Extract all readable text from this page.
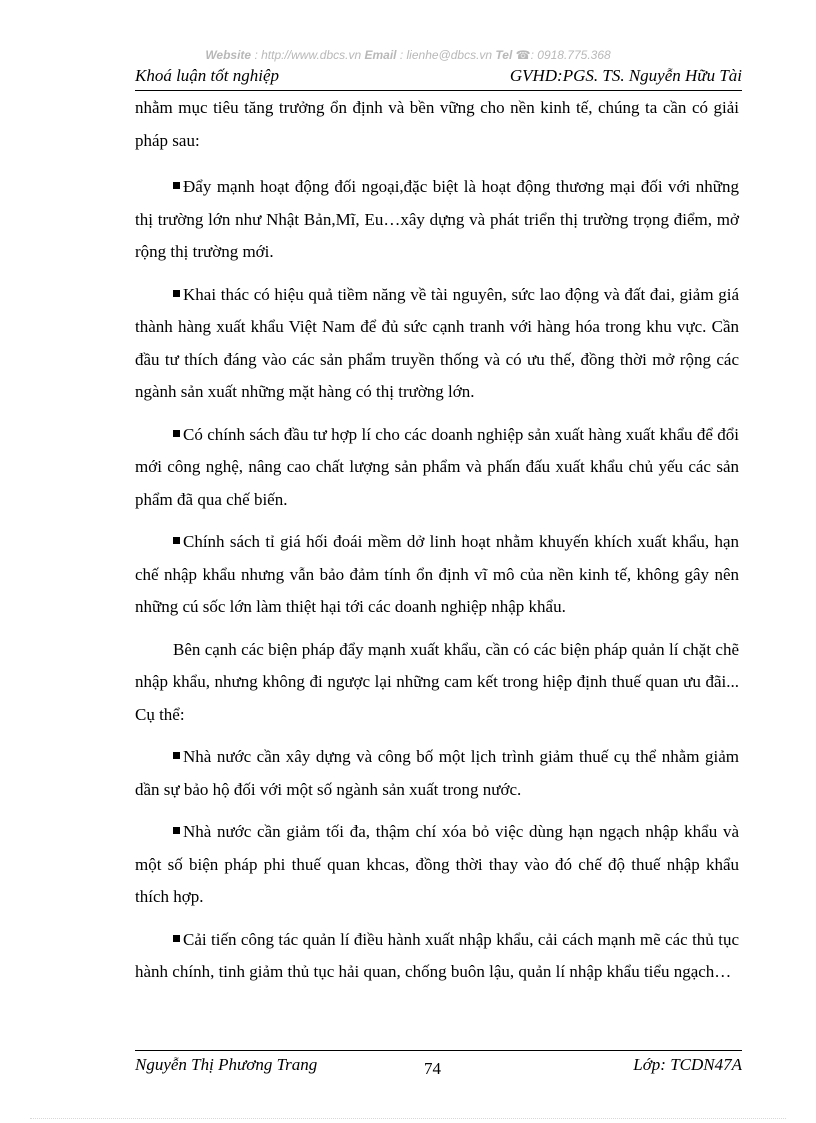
Website : http://www.dbcs.vn Email : lienhe@dbcs.vn Tel ☎: 0918.775.368
Khoá luận tốt nghiệp	GVHD:PGS. TS. Nguyễn Hữu Tài

nhằm mục tiêu tăng trưởng ổn định và bền vững cho nền kinh tế, chúng ta cần có giải pháp sau:

Đẩy mạnh hoạt động đối ngoại,đặc biệt là hoạt động thương mại đối với những thị trường lớn như Nhật Bản,Mĩ, Eu…xây dựng và phát triển thị trường trọng điểm, mở rộng thị trường mới.

Khai thác có hiệu quả tiềm năng về tài nguyên, sức lao động và đất đai, giảm giá thành hàng xuất khẩu Việt Nam để đủ sức cạnh tranh với hàng hóa trong khu vực. Cần đầu tư thích đáng vào các sản phẩm truyền thống và có ưu thế, đồng thời mở rộng các ngành sản xuất những mặt hàng có thị trường lớn.

Có chính sách đầu tư hợp lí cho các doanh nghiệp sản xuất hàng xuất khẩu để đổi mới công nghệ, nâng cao chất lượng sản phẩm và phấn đấu xuất khẩu chủ yếu các sản phẩm đã qua chế biến.

Chính sách tỉ giá hối đoái mềm dở linh hoạt nhằm khuyến khích xuất khẩu, hạn chế nhập khẩu nhưng vẫn bảo đảm tính ổn định vĩ mô của nền kinh tế, không gây nên những cú sốc lớn làm thiệt hại tới các doanh nghiệp nhập khẩu.

Bên cạnh các biện pháp đẩy mạnh xuất khẩu, cần có các biện pháp quản lí chặt chẽ nhập khẩu, nhưng không đi ngược lại những cam kết trong hiệp định thuế quan ưu đãi... Cụ thể:

Nhà nước cần xây dựng và công bố một lịch trình giảm thuế cụ thể nhằm giảm dần sự bảo hộ đối với một số ngành sản xuất trong nước.

Nhà nước cần giảm tối đa, thậm chí xóa bỏ việc dùng hạn ngạch nhập khẩu và một số biện pháp phi thuế quan khcas, đồng thời thay vào đó chế độ thuế nhập khẩu thích hợp.

Cải tiến công tác quản lí điều hành xuất nhập khẩu, cải cách mạnh mẽ các thủ tục hành chính, tinh giảm thủ tục hải quan, chống buôn lậu, quản lí nhập khẩu tiểu ngạch…

Nguyễn Thị Phương Trang	74	Lớp: TCDN47A
